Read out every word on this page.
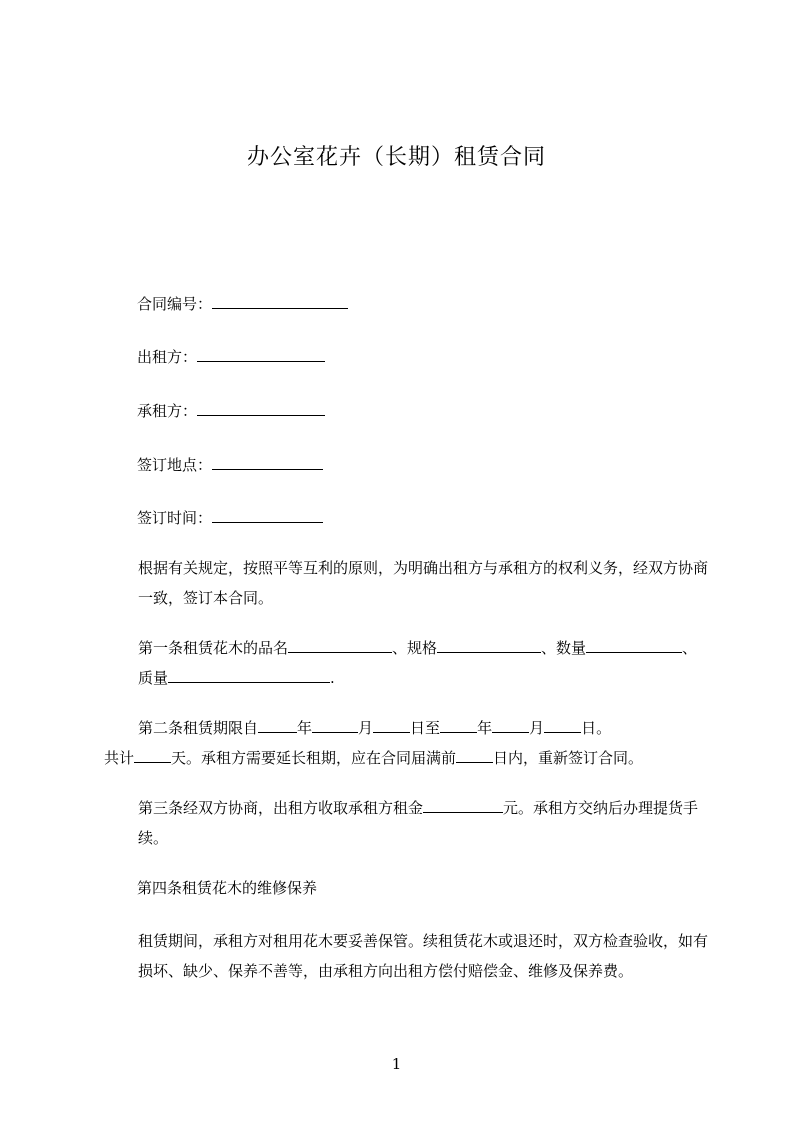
办公室花卉（长期）租赁合同
合同编号：
出租方：
承租方：
签订地点：
签订时间：
根据有关规定，按照平等互利的原则，为明确出租方与承租方的权利义务，经双方协商一致，签订本合同。
第一条租赁花木的品名	、规格	、数量	、
质量	.
第二条租赁期限自	年	月 日至 年 月 日。
共计 天。承租方需要延长租期，应在合同届满前 日内，重新签订合同。
第三条经双方协商，出租方收取承租方租金	元。承租方交纳后办理提货手续。
第四条租赁花木的维修保养
租赁期间，承租方对租用花木要妥善保管。续租赁花木或退还时，双方检查验收，如有损坏、缺少、保养不善等，由承租方向出租方偿付赔偿金、维修及保养费。
1
